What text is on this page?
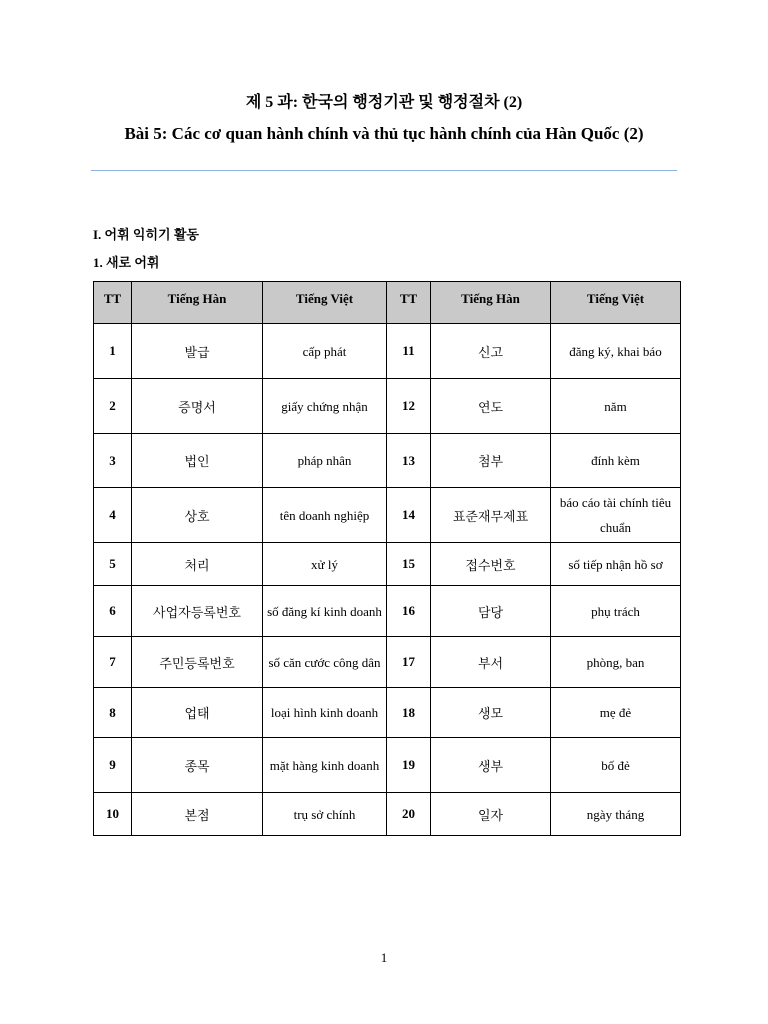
제 5 과: 한국의 행정기관 및 행정절차 (2)
Bài 5: Các cơ quan hành chính và thủ tục hành chính của Hàn Quốc (2)
I. 어휘 익히기 활동
1. 새로 어휘
TT	Tiếng Hàn	Tiếng Việt	TT	Tiếng Hàn	Tiếng Việt
1	발급	cấp phát	11	신고	đăng ký, khai báo
2	증명서	giấy chứng nhận	12	연도	năm
3	법인	pháp nhân	13	첨부	đính kèm
4	상호	tên doanh nghiệp	14	표준재무제표	báo cáo tài chính tiêu chuẩn
5	처리	xử lý	15	접수번호	số tiếp nhận hồ sơ
6	사업자등록번호	số đăng kí kinh doanh	16	담당	phụ trách
7	주민등록번호	số căn cước công dân	17	부서	phòng, ban
8	업태	loại hình kinh doanh	18	생모	mẹ đẻ
9	종목	mặt hàng kinh doanh	19	생부	bố đẻ
10	본점	trụ sở chính	20	일자	ngày tháng
1
